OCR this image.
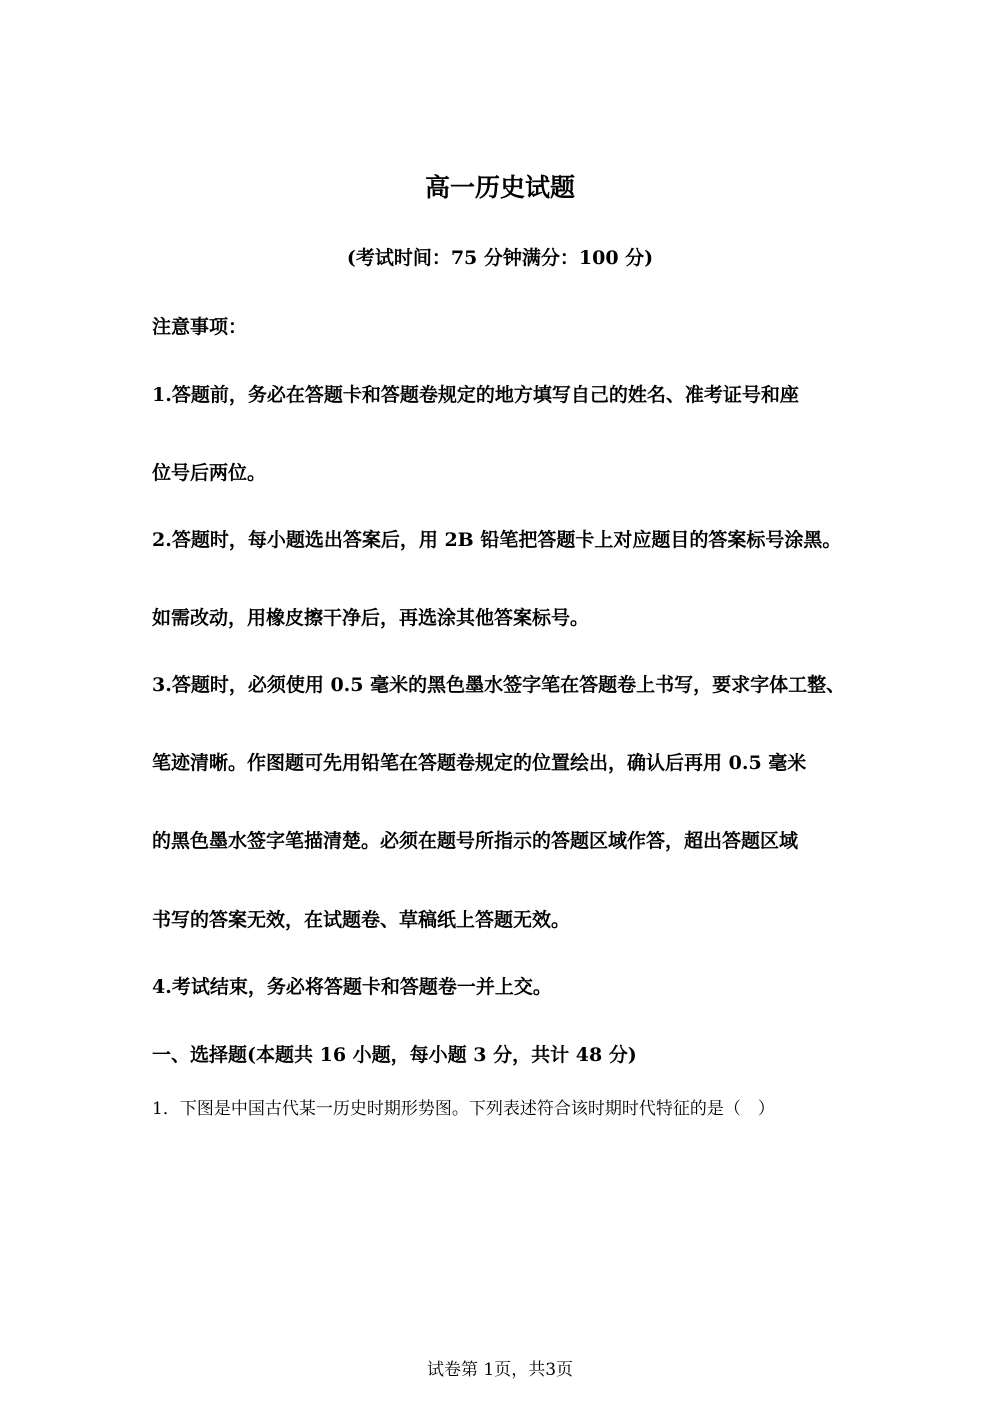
高一历史试题

(考试时间：75 分钟满分：100 分)

注意事项：

1.答题前，务必在答题卡和答题卷规定的地方填写自己的姓名、准考证号和座

位号后两位。

2.答题时，每小题选出答案后，用 2B 铅笔把答题卡上对应题目的答案标号涂黑。

如需改动，用橡皮擦干净后，再选涂其他答案标号。

3.答题时，必须使用 0.5 毫米的黑色墨水签字笔在答题卷上书写，要求字体工整、

笔迹清晰。作图题可先用铅笔在答题卷规定的位置绘出，确认后再用 0.5 毫米

的黑色墨水签字笔描清楚。必须在题号所指示的答题区域作答，超出答题区域

书写的答案无效，在试题卷、草稿纸上答题无效。

4.考试结束，务必将答题卡和答题卷一并上交。

一、选择题(本题共 16 小题，每小题 3 分，共计 48 分)

1．下图是中国古代某一历史时期形势图。下列表述符合该时期时代特征的是（　）

试卷第 1页，共3页
